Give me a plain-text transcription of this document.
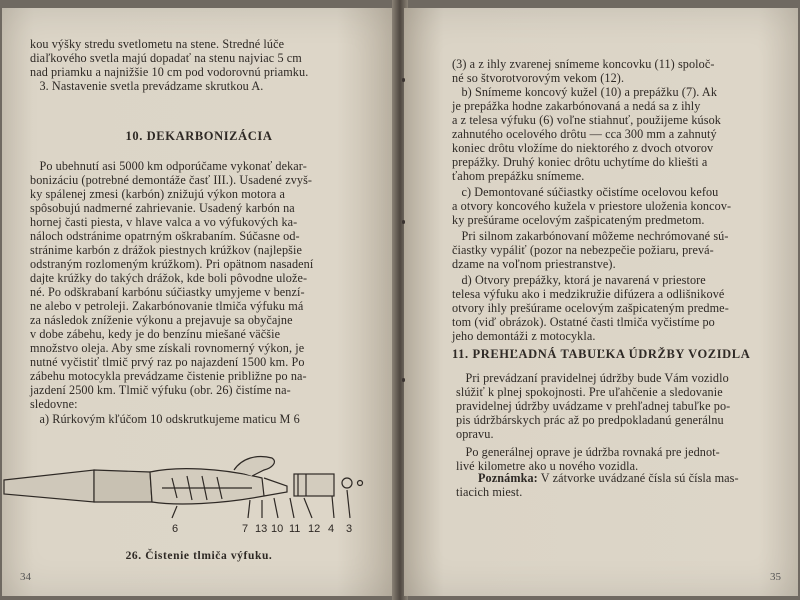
kou výšky stredu svetlometu na stene. Stredné lúče

diaľkového svetla majú dopadať na stenu najviac 5 cm

nad priamku a najnižšie 10 cm pod vodorovnú priamku.

3. Nastavenie svetla prevádzame skrutkou A.

10. DEKARBONIZÁCIA

Po ubehnutí asi 5000 km odporúčame vykonať dekar-

bonizáciu (potrebné demontáže časť III.). Usadené zvyš-

ky spálenej zmesi (karbón) znižujú výkon motora a

spôsobujú nadmerné zahrievanie. Usadený karbón na

hornej časti piesta, v hlave valca a vo výfukových ka-

náloch odstránime opatrným oškrabaním. Súčasne od-

stránime karbón z drážok piestnych krúžkov (najlepšie

odstraným rozlomeným krúžkom). Pri opätnom nasadení

dajte krúžky do takých drážok, kde boli pôvodne ulože-

né. Po odškrabaní karbónu súčiastky umyjeme v benzí-

ne alebo v petroleji. Zakarbónovanie tlmiča výfuku má

za následok zníženie výkonu a prejavuje sa obyčajne

v dobe zábehu, kedy je do benzínu miešané väčšie

množstvo oleja. Aby sme získali rovnomerný výkon, je

nutné vyčistiť tlmič prvý raz po najazdení 1500 km. Po

zábehu motocykla prevádzame čistenie približne po na-

jazdení 2500 km. Tlmič výfuku (obr. 26) čistíme na-

sledovne:

a) Rúrkovým kľúčom 10 odskrutkujeme maticu M 6

6	7 13 10 11 12 4 3
26. Čistenie tlmiča výfuku.
34

(3) a z ihly zvarenej snímeme koncovku (11) spoloč-

né so štvorotvorovým vekom (12).

b) Snímeme koncový kužel (10) a prepážku (7). Ak

je prepážka hodne zakarbónovaná a nedá sa z ihly

a z telesa výfuku (6) voľne stiahnuť, použijeme kúsok

zahnutého ocelového drôtu — cca 300 mm a zahnutý

koniec drôtu vložíme do niektorého z dvoch otvorov

prepážky. Druhý koniec drôtu uchytíme do kliešti a

ťahom prepážku snímeme.

c) Demontované súčiastky očistíme ocelovou kefou

a otvory koncového kužela v priestore uloženia koncov-

ky prešúrame ocelovým zašpicateným predmetom.

Pri silnom zakarbónovaní môžeme nechrómované sú-

čiastky vypáliť (pozor na nebezpečie požiaru, prevá-

dzame na voľnom priestranstve).

d) Otvory prepážky, ktorá je navarená v priestore

telesa výfuku ako i medzikružie difúzera a odlišnikové

otvory ihly prešúrame ocelovým zašpicateným predme-

tom (viď obrázok). Ostatné časti tlmiča vyčistíme po

jeho demontáži z motocykla.

11. PREHĽADNÁ TABUĽKA ÚDRŽBY VOZIDLA

Pri prevádzaní pravidelnej údržby bude Vám vozidlo

slúžiť k plnej spokojnosti. Pre uľahčenie a sledovanie

pravidelnej údržby uvádzame v prehľadnej tabuľke po-

pis údržbárskych prác až po predpokladanú generálnu

opravu.

Po generálnej oprave je údržba rovnaká pre jednot-

livé kilometre ako u nového vozidla.

Poznámka: V zátvorke uvádzané čísla sú čísla mas-

tiacich miest.

35
